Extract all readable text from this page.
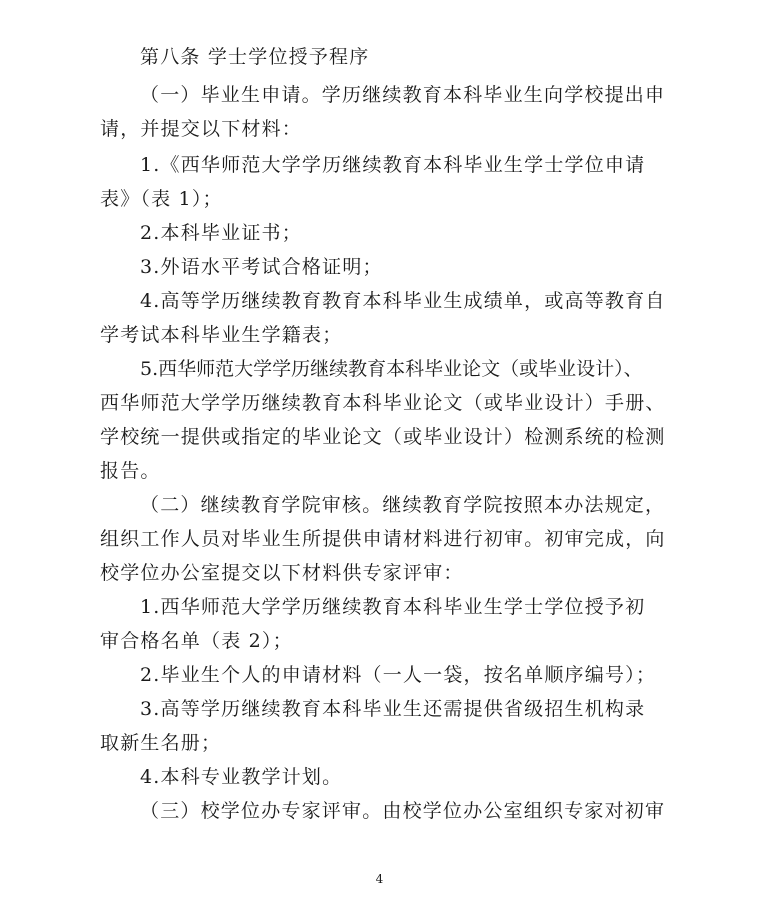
第八条 学士学位授予程序
（一）毕业生申请。学历继续教育本科毕业生向学校提出申
请，并提交以下材料：
1.《西华师范大学学历继续教育本科毕业生学士学位申请
表》（表 1）；
2.本科毕业证书；
3.外语水平考试合格证明；
4.高等学历继续教育教育本科毕业生成绩单，或高等教育自
学考试本科毕业生学籍表；
5.西华师范大学学历继续教育本科毕业论文（或毕业设计）、
西华师范大学学历继续教育本科毕业论文（或毕业设计）手册、
学校统一提供或指定的毕业论文（或毕业设计）检测系统的检测
报告。
（二）继续教育学院审核。继续教育学院按照本办法规定，
组织工作人员对毕业生所提供申请材料进行初审。初审完成，向
校学位办公室提交以下材料供专家评审：
1.西华师范大学学历继续教育本科毕业生学士学位授予初
审合格名单（表 2）；
2.毕业生个人的申请材料（一人一袋，按名单顺序编号）；
3.高等学历继续教育本科毕业生还需提供省级招生机构录
取新生名册；
4.本科专业教学计划。
（三）校学位办专家评审。由校学位办公室组织专家对初审
4
